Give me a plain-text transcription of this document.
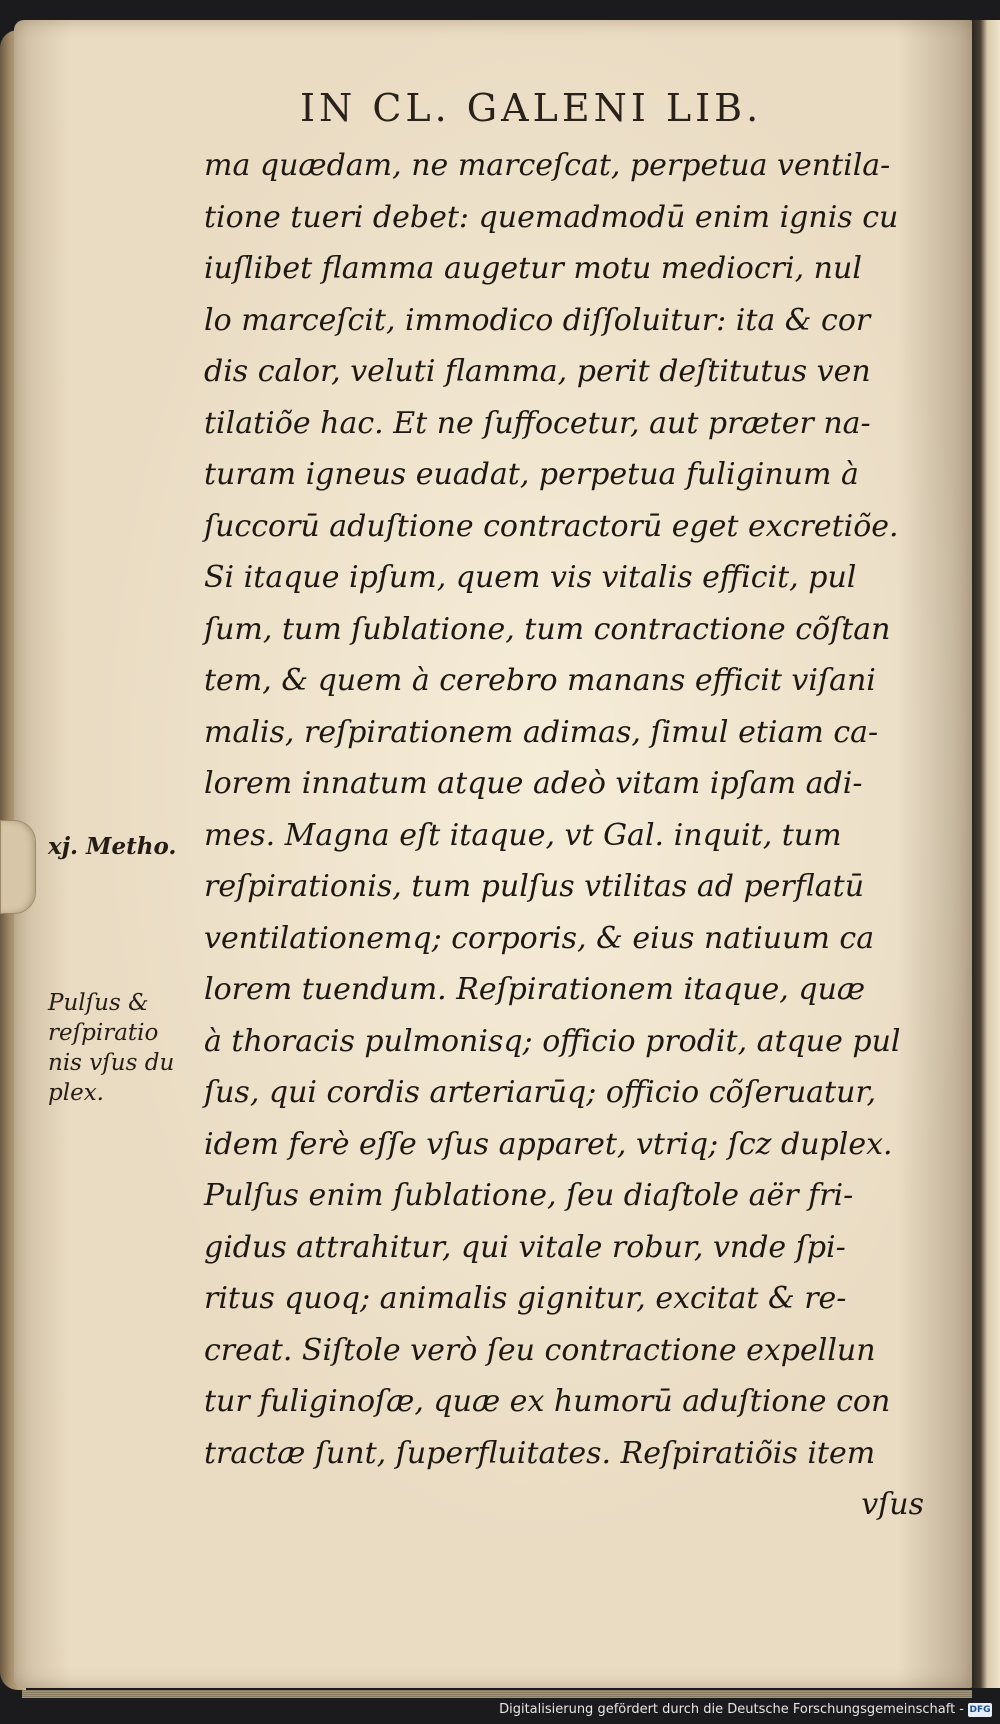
IN CL. GALENI LIB.
ma quædam, ne marceſcat, perpetua ventila-
tione tueri debet: quemadmodū enim ignis cu
iuſlibet flamma augetur motu mediocri, nul
lo marceſcit, immodico diſſoluitur: ita & cor
dis calor, veluti flamma, perit deſtitutus ven
tilatiõe hac. Et ne ſuffocetur, aut præter na-
turam igneus euadat, perpetua fuliginum à
ſuccorū aduſtione contractorū eget excretiõe.
Si itaque ipſum, quem vis vitalis efficit, pul
ſum, tum ſublatione, tum contractione cõſtan
tem, & quem à cerebro manans efficit viſani
malis, reſpirationem adimas, ſimul etiam ca-
lorem innatum atque adeò vitam ipſam adi-
mes. Magna eſt itaque, vt Gal. inquit, tum
reſpirationis, tum pulſus vtilitas ad perflatū
ventilationemq; corporis, & eius natiuum ca
lorem tuendum. Reſpirationem itaque, quæ
à thoracis pulmonisq; officio prodit, atque pul
ſus, qui cordis arteriarūq; officio cõſeruatur,
idem ferè eſſe vſus apparet, vtriq; ſcz duplex.
Pulſus enim ſublatione, ſeu diaſtole aër fri-
gidus attrahitur, qui vitale robur, vnde ſpi-
ritus quoq; animalis gignitur, excitat & re-
creat. Siſtole verò ſeu contractione expellun
tur fuliginoſæ, quæ ex humorū aduſtione con
tractæ ſunt, ſuperfluitates. Reſpiratiõis item
vſus
xj. Metho.
Pulſus &
reſpiratio
nis vſus du
plex.
Digitalisierung gefördert durch die Deutsche Forschungsgemeinschaft - DFG
